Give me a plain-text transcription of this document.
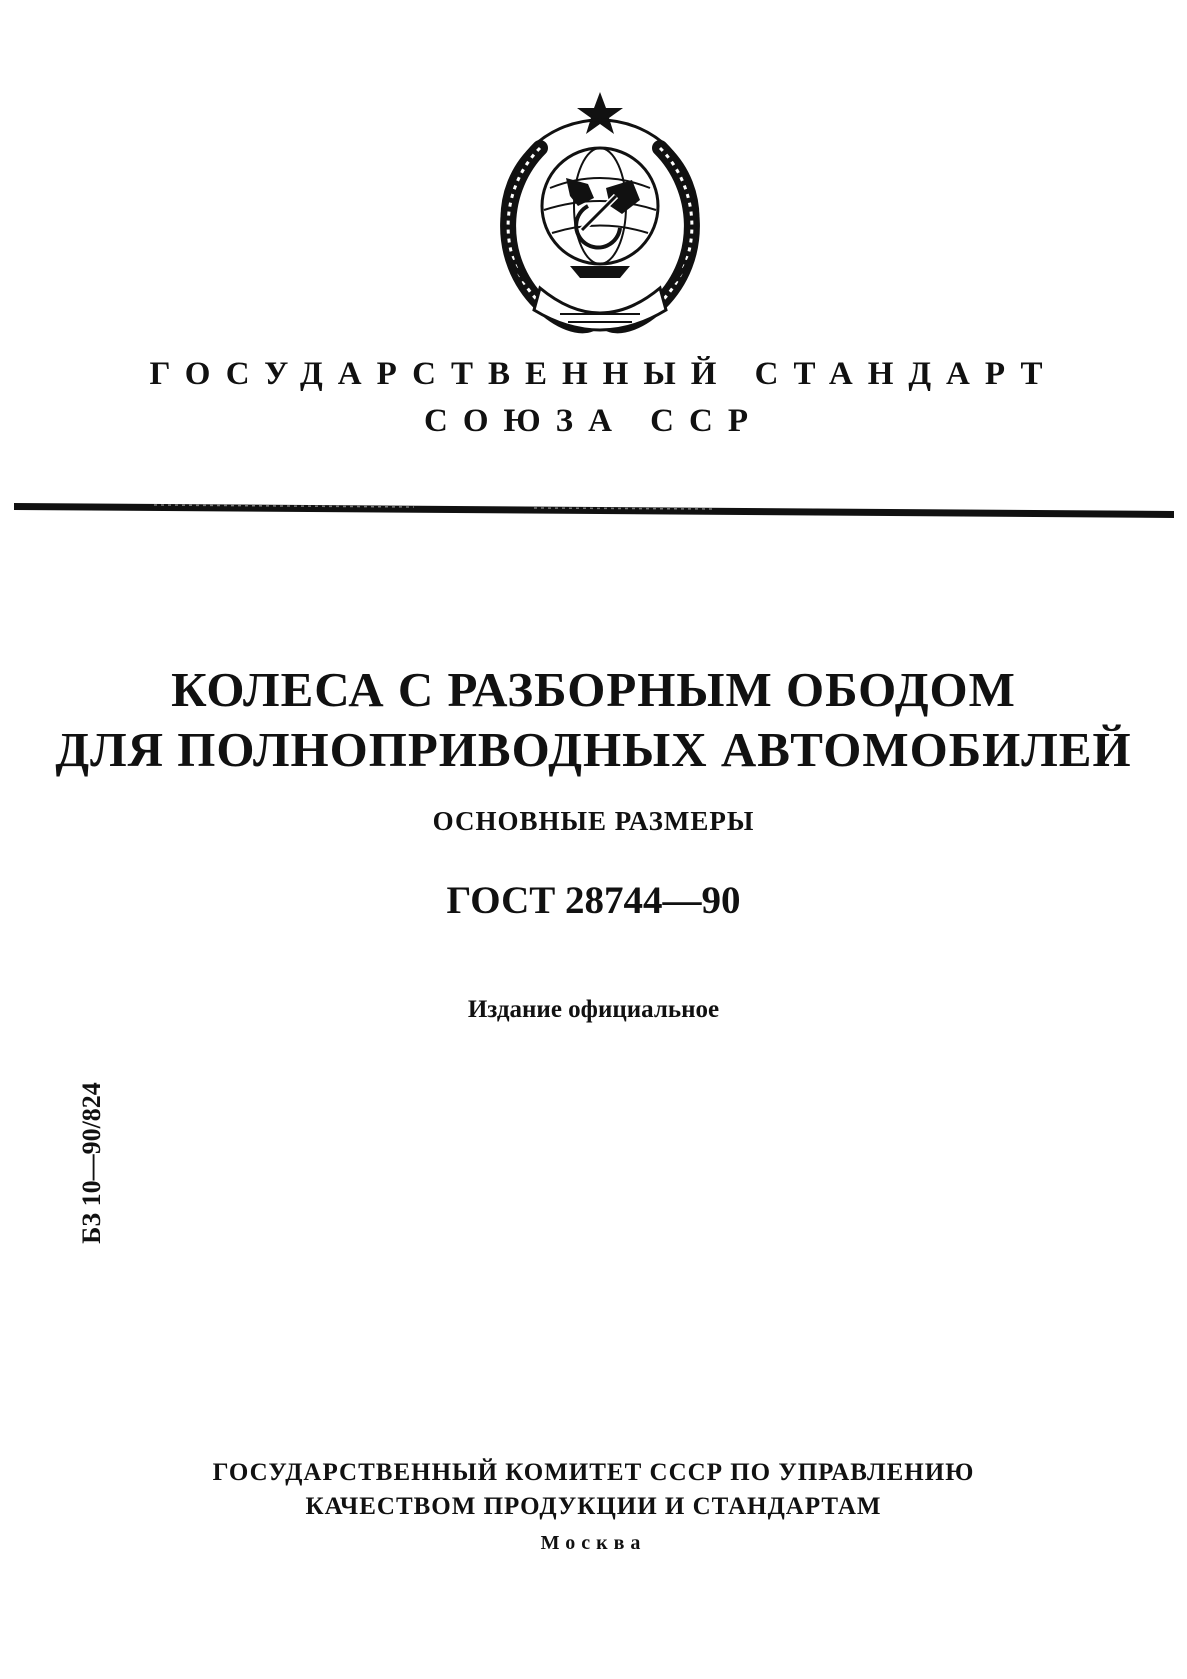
ГОСУДАРСТВЕННЫЙ СТАНДАРТ
СОЮЗА ССР
КОЛЕСА С РАЗБОРНЫМ ОБОДОМ
ДЛЯ ПОЛНОПРИВОДНЫХ АВТОМОБИЛЕЙ
ОСНОВНЫЕ РАЗМЕРЫ
ГОСТ 28744—90
Издание официальное
БЗ 10—90/824
ГОСУДАРСТВЕННЫЙ КОМИТЕТ СССР ПО УПРАВЛЕНИЮ
КАЧЕСТВОМ ПРОДУКЦИИ И СТАНДАРТАМ
Москва
